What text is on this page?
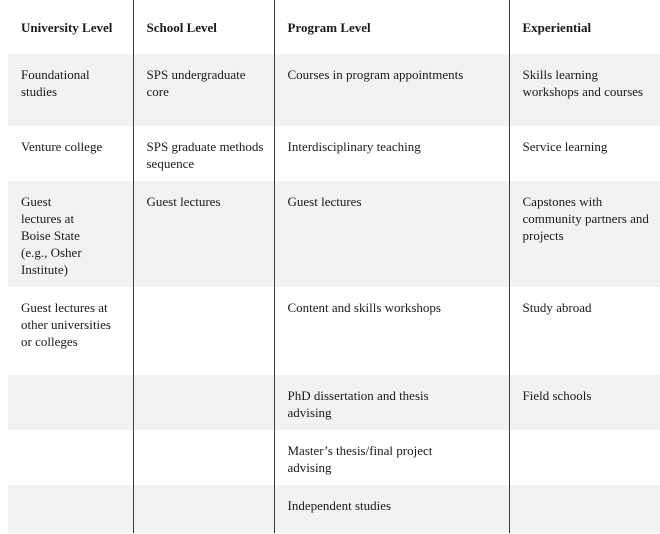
University Level	School Level	Program Level	Experiential
Foundational studies	SPS undergraduate core	Courses in program appointments	Skills learning workshops and courses
Venture college	SPS graduate methods sequence	Interdisciplinary teaching	Service learning

Guest lectures at Boise State (e.g., Osher Institute)	Guest lectures	Guest lectures	Capstones with community partners and projects

Guest lectures at other universities or colleges		Content and skills workshops	Study abroad

		PhD dissertation and thesis advising	Field schools

		Master’s thesis/final project advising	

		Independent studies	
